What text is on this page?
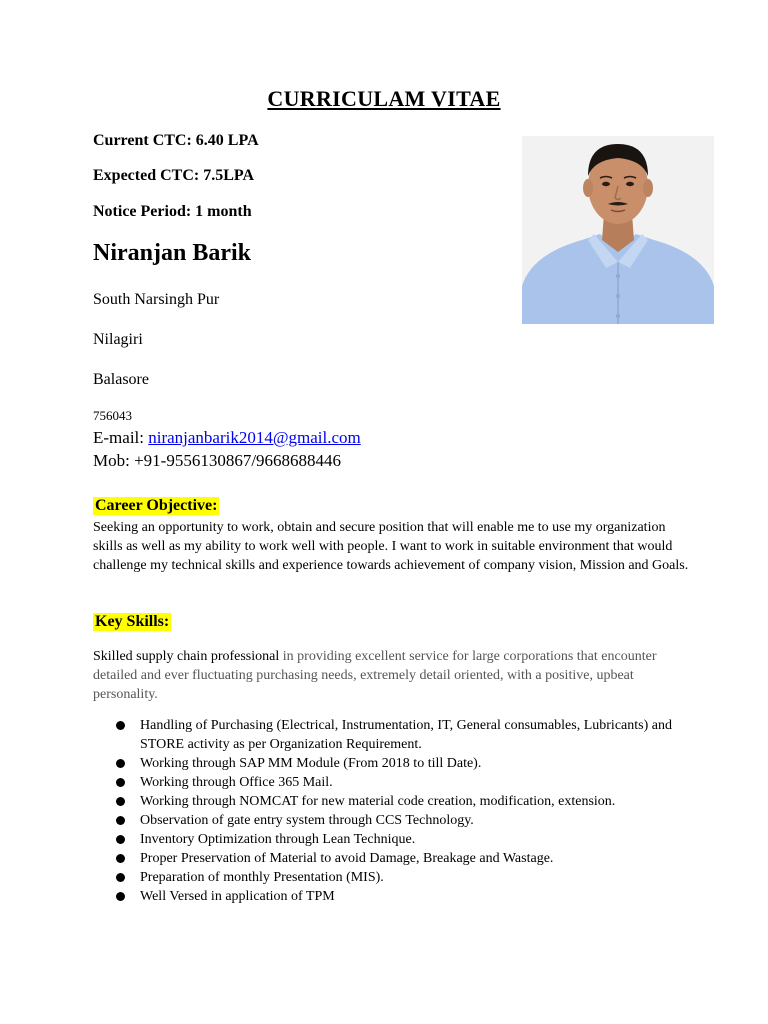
CURRICULAM VITAE
Current CTC: 6.40 LPA
Expected CTC: 7.5LPA
Notice Period: 1 month
Niranjan Barik
South Narsingh Pur
Nilagiri
Balasore
756043
E-mail: niranjanbarik2014@gmail.com
Mob: +91-9556130867/9668688446
Career Objective:
Seeking an opportunity to work, obtain and secure position that will enable me to use my organization skills as well as my ability to work well with people. I want to work in suitable environment that would challenge my technical skills and experience towards achievement of company vision, Mission and Goals.
Key Skills:
Skilled supply chain professional in providing excellent service for large corporations that encounter detailed and ever fluctuating purchasing needs, extremely detail oriented, with a positive, upbeat personality.
Handling of Purchasing (Electrical, Instrumentation, IT, General consumables, Lubricants) and STORE activity as per Organization Requirement.
Working through SAP MM Module (From 2018 to till Date).
Working through Office 365 Mail.
Working through NOMCAT for new material code creation, modification, extension.
Observation of gate entry system through CCS Technology.
Inventory Optimization through Lean Technique.
Proper Preservation of Material to avoid Damage, Breakage and Wastage.
Preparation of monthly Presentation (MIS).
Well Versed in application of TPM
